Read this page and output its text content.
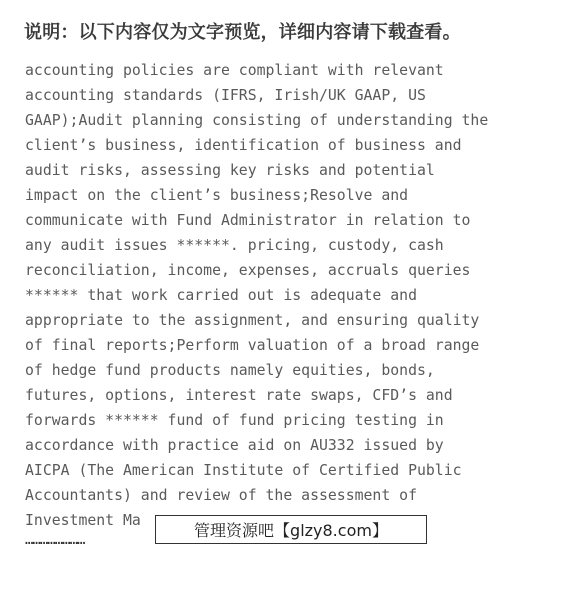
说明：以下内容仅为文字预览，详细内容请下载查看。
accounting policies are compliant with relevant
accounting standards (IFRS, Irish/UK GAAP, US
GAAP);Audit planning consisting of understanding the
client’s business, identification of business and
audit risks, assessing key risks and potential
impact on the client’s business;Resolve and
communicate with Fund Administrator in relation to
any audit issues ******. pricing, custody, cash
reconciliation, income, expenses, accruals queries
****** that work carried out is adequate and
appropriate to the assignment, and ensuring quality
of final reports;Perform valuation of a broad range
of hedge fund products namely equities, bonds,
futures, options, interest rate swaps, CFD’s and
forwards ****** fund of fund pricing testing in
accordance with practice aid on AU332 issued by
AICPA (The American Institute of Certified Public
Accountants) and review of the assessment of
Investment Ma
……………………	管理资源吧【glzy8.com】
